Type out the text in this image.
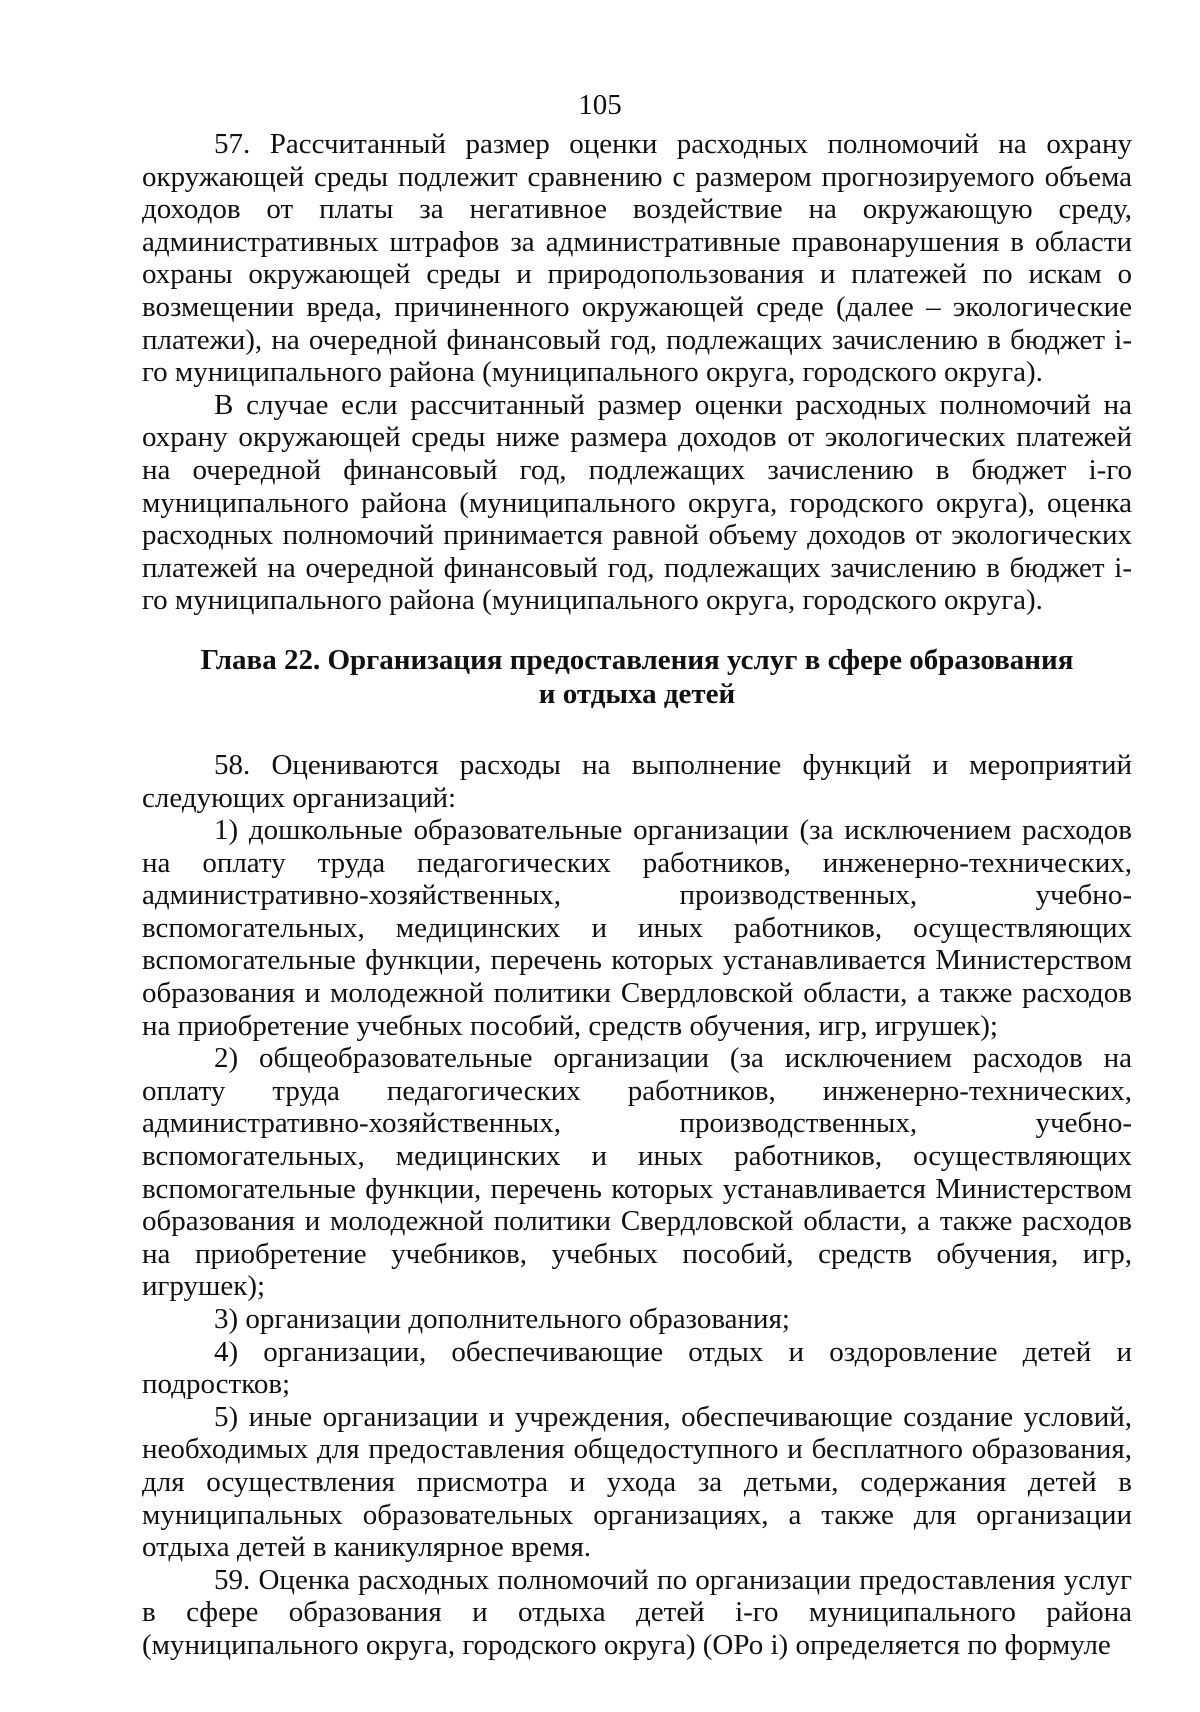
105

57. Рассчитанный размер оценки расходных полномочий на охрану окружающей среды подлежит сравнению с размером прогнозируемого объема доходов от платы за негативное воздействие на окружающую среду, административных штрафов за административные правонарушения в области охраны окружающей среды и природопользования и платежей по искам о возмещении вреда, причиненного окружающей среде (далее – экологические платежи), на очередной финансовый год, подлежащих зачислению в бюджет i-го муниципального района (муниципального округа, городского округа).

В случае если рассчитанный размер оценки расходных полномочий на охрану окружающей среды ниже размера доходов от экологических платежей на очередной финансовый год, подлежащих зачислению в бюджет i-го муниципального района (муниципального округа, городского округа), оценка расходных полномочий принимается равной объему доходов от экологических платежей на очередной финансовый год, подлежащих зачислению в бюджет i-го муниципального района (муниципального округа, городского округа).

Глава 22. Организация предоставления услуг в сфере образования
и отдыха детей

58. Оцениваются расходы на выполнение функций и мероприятий следующих организаций:

1) дошкольные образовательные организации (за исключением расходов на оплату труда педагогических работников, инженерно-технических, административно-хозяйственных, производственных, учебно-вспомогательных, медицинских и иных работников, осуществляющих вспомогательные функции, перечень которых устанавливается Министерством образования и молодежной политики Свердловской области, а также расходов на приобретение учебных пособий, средств обучения, игр, игрушек);

2) общеобразовательные организации (за исключением расходов на оплату труда педагогических работников, инженерно-технических, административно-хозяйственных, производственных, учебно-вспомогательных, медицинских и иных работников, осуществляющих вспомогательные функции, перечень которых устанавливается Министерством образования и молодежной политики Свердловской области, а также расходов на приобретение учебников, учебных пособий, средств обучения, игр, игрушек);

3) организации дополнительного образования;

4) организации, обеспечивающие отдых и оздоровление детей и подростков;

5) иные организации и учреждения, обеспечивающие создание условий, необходимых для предоставления общедоступного и бесплатного образования, для осуществления присмотра и ухода за детьми, содержания детей в муниципальных образовательных организациях, а также для организации отдыха детей в каникулярное время.

59. Оценка расходных полномочий по организации предоставления услуг в сфере образования и отдыха детей i-го муниципального района (муниципального округа, городского округа) (ОРо i) определяется по формуле
